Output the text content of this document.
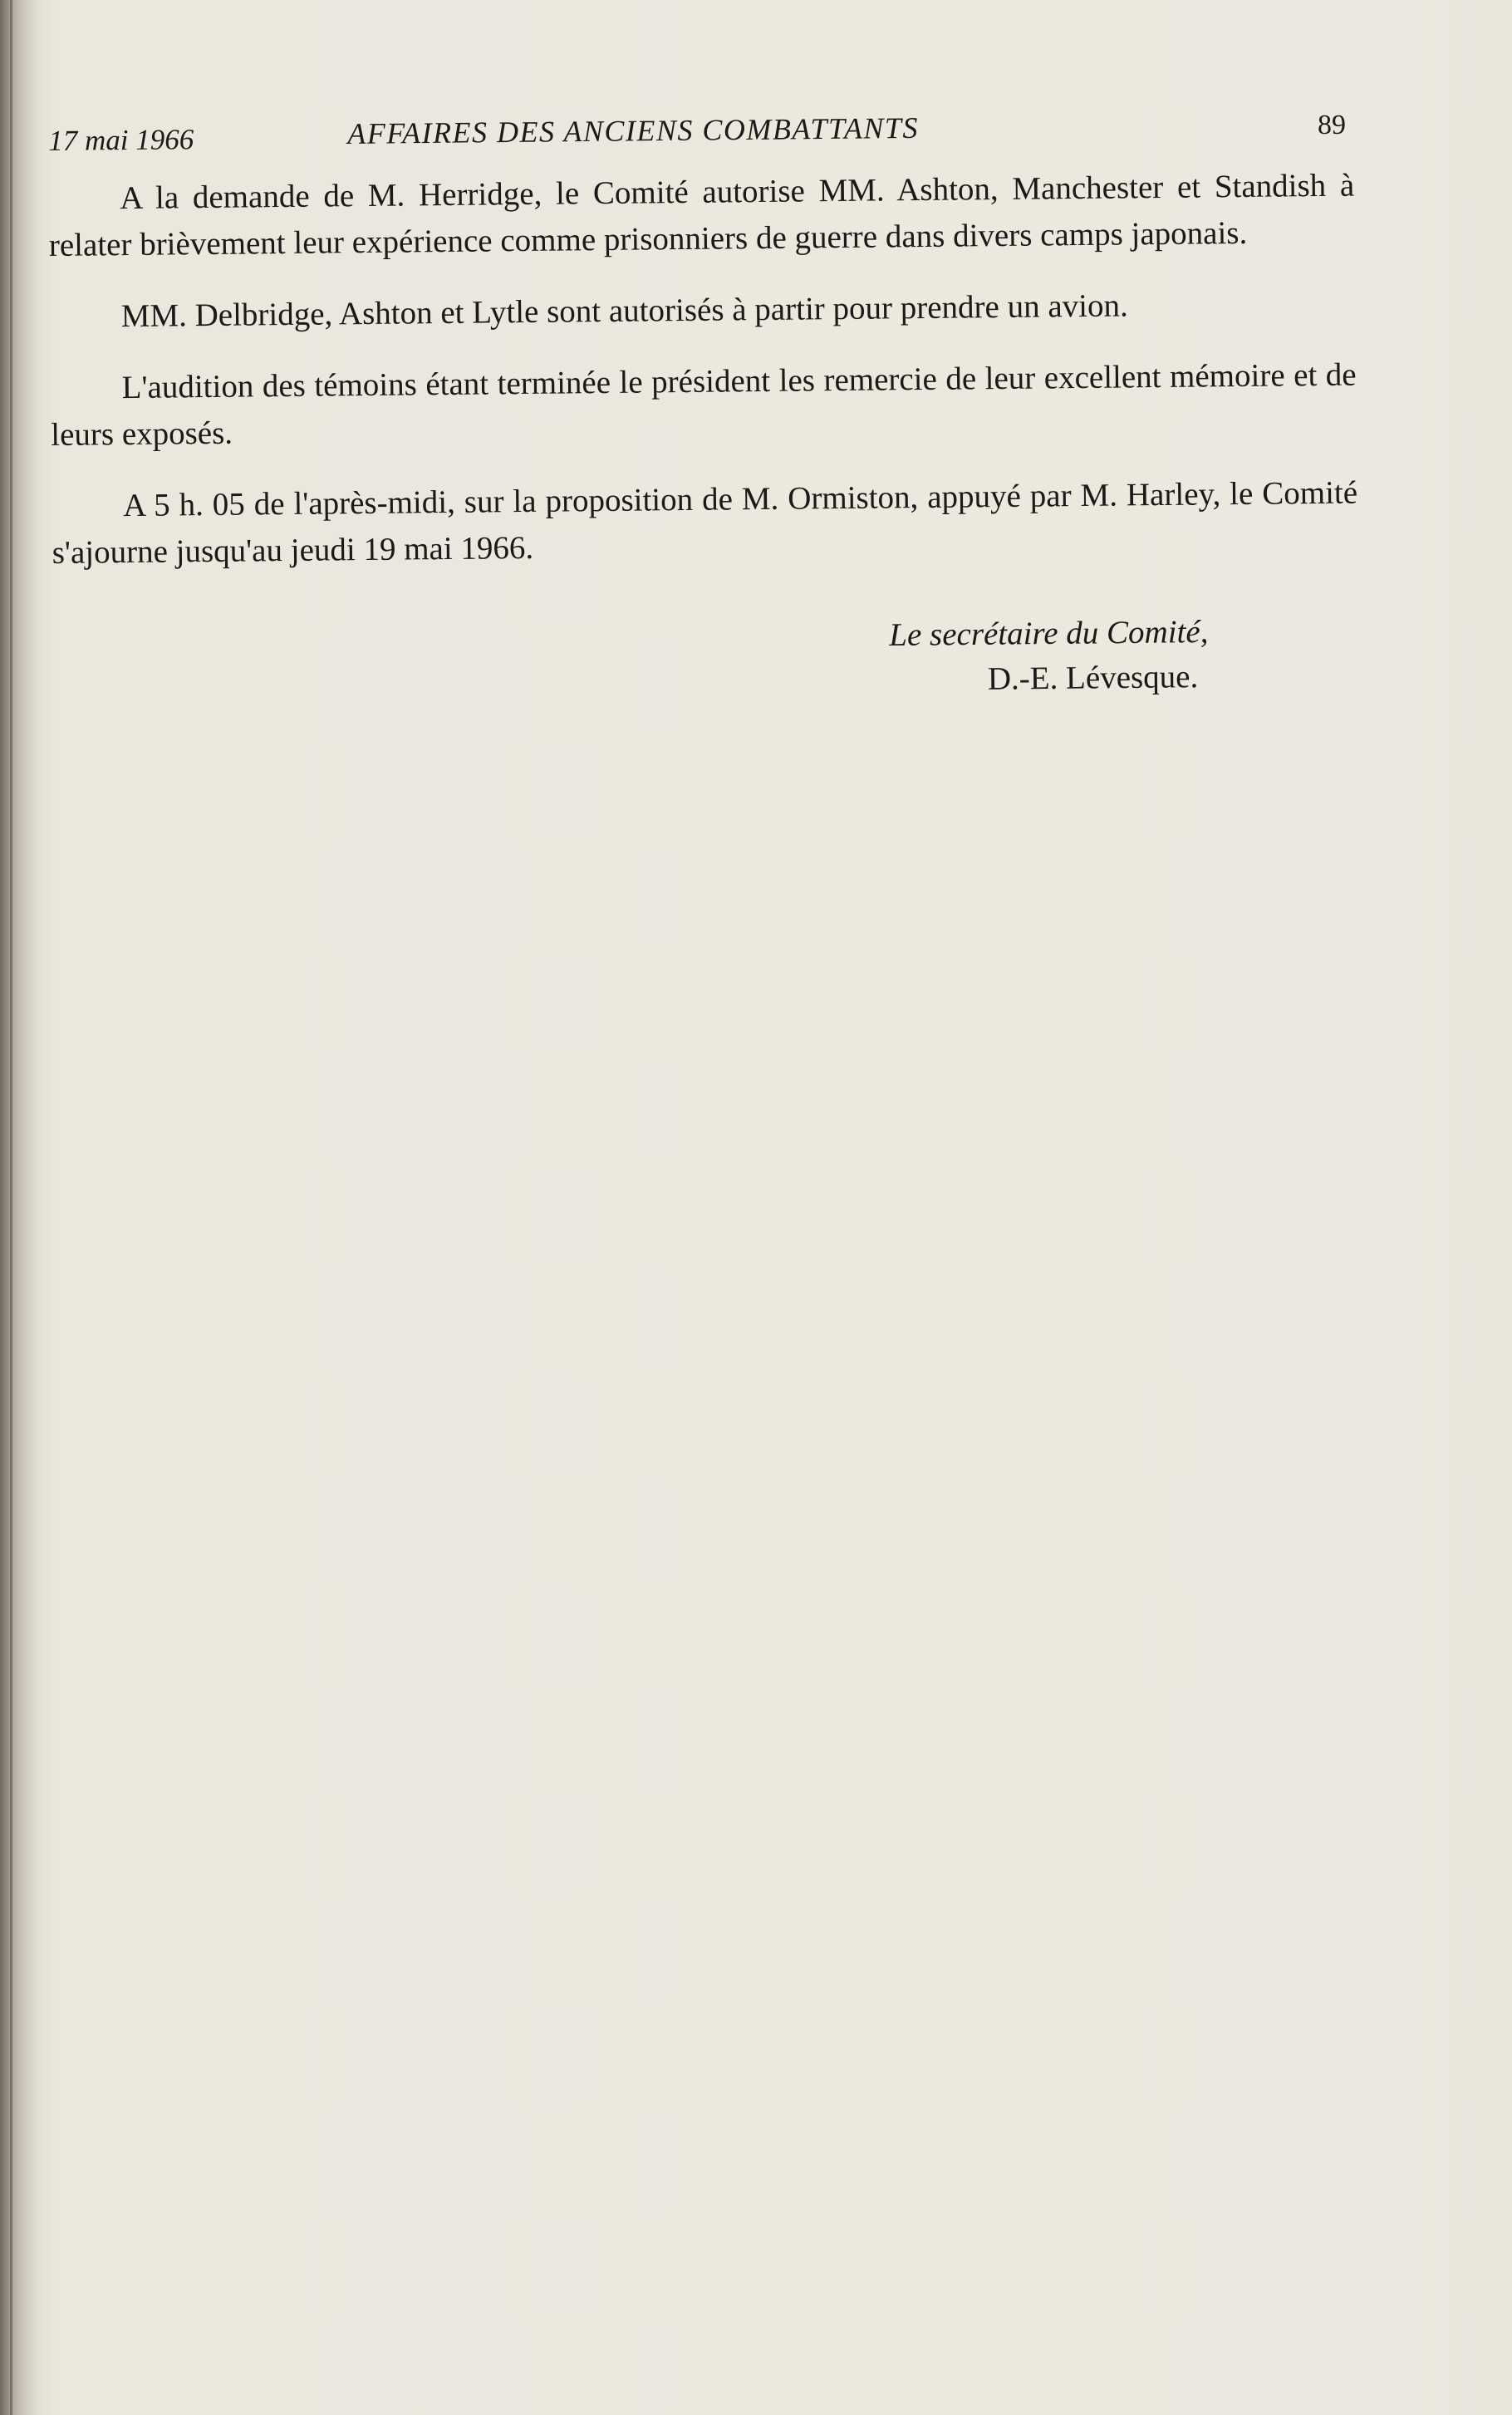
17 mai 1966	AFFAIRES DES ANCIENS COMBATTANTS	89

A la demande de M. Herridge, le Comité autorise MM. Ashton, Manchester et Standish à relater brièvement leur expérience comme prisonniers de guerre dans divers camps japonais.

MM. Delbridge, Ashton et Lytle sont autorisés à partir pour prendre un avion.

L'audition des témoins étant terminée le président les remercie de leur excellent mémoire et de leurs exposés.

A 5 h. 05 de l'après-midi, sur la proposition de M. Ormiston, appuyé par M. Harley, le Comité s'ajourne jusqu'au jeudi 19 mai 1966.

Le secrétaire du Comité,
D.-E. Lévesque.
